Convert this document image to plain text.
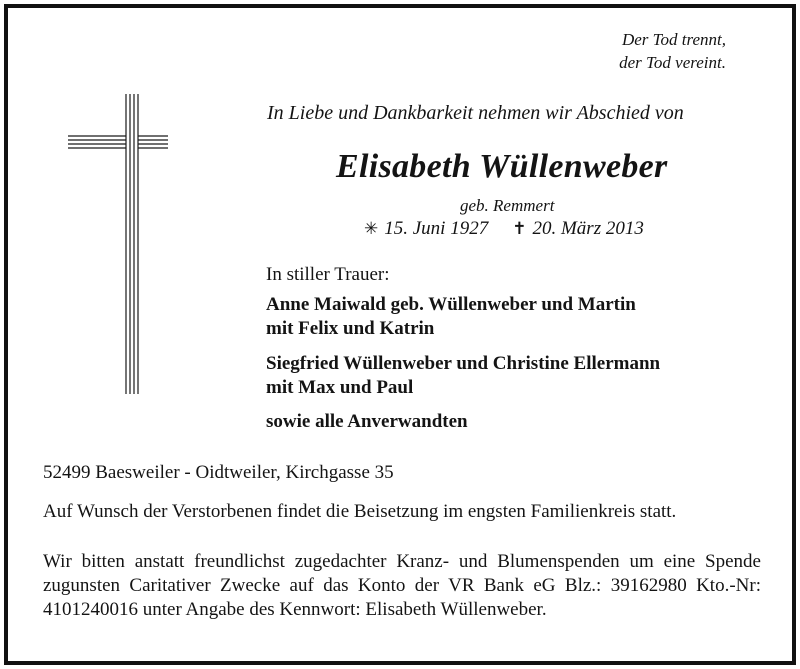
Der Tod trennt,
der Tod vereint.
In Liebe und Dankbarkeit nehmen wir Abschied von
Elisabeth Wüllenweber
geb. Remmert
✳ 15. Juni 1927 ✝ 20. März 2013
In stiller Trauer:
Anne Maiwald geb. Wüllenweber und Martin
mit Felix und Katrin
Siegfried Wüllenweber und Christine Ellermann
mit Max und Paul
sowie alle Anverwandten
52499 Baesweiler - Oidtweiler, Kirchgasse 35
Auf Wunsch der Verstorbenen findet die Beisetzung im engsten Familienkreis statt.
Wir bitten anstatt freundlichst zugedachter Kranz- und Blumenspenden um eine Spende zugunsten Caritativer Zwecke auf das Konto der VR Bank eG Blz.: 39162980 Kto.-Nr: 4101240016 unter Angabe des Kennwort: Elisabeth Wüllenweber.
